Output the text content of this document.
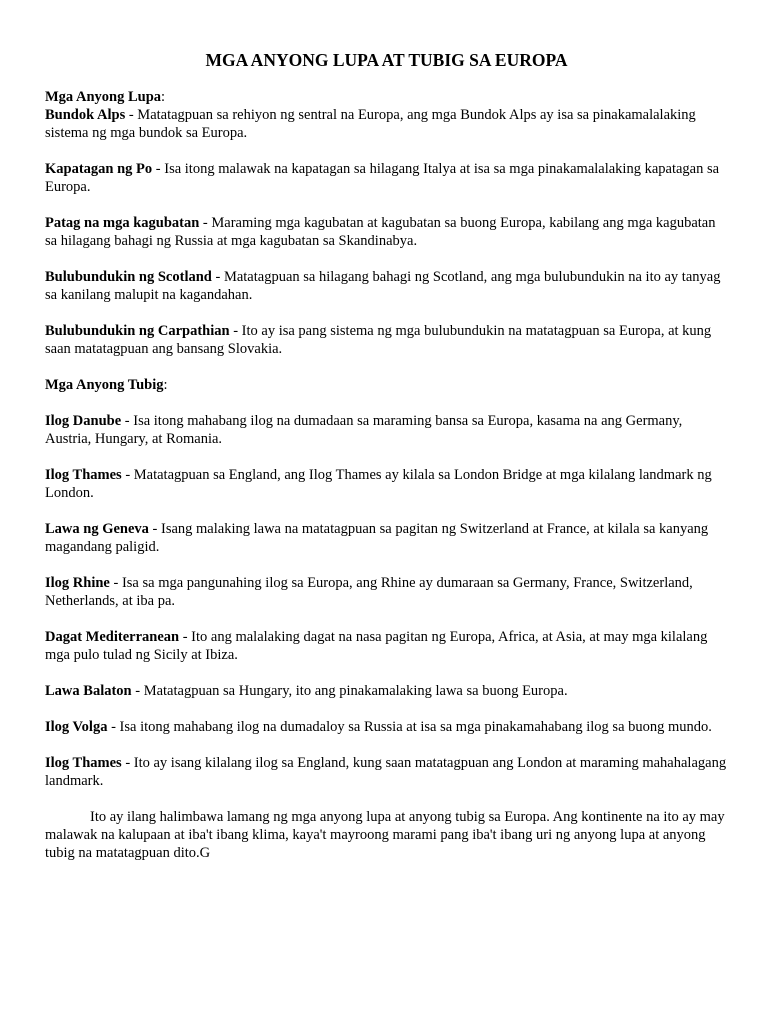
MGA ANYONG LUPA AT TUBIG SA EUROPA
Mga Anyong Lupa:
Bundok Alps - Matatagpuan sa rehiyon ng sentral na Europa, ang mga Bundok Alps ay isa sa pinakamalalaking sistema ng mga bundok sa Europa.
Kapatagan ng Po - Isa itong malawak na kapatagan sa hilagang Italya at isa sa mga pinakamalalaking kapatagan sa Europa.
Patag na mga kagubatan - Maraming mga kagubatan at kagubatan sa buong Europa, kabilang ang mga kagubatan sa hilagang bahagi ng Russia at mga kagubatan sa Skandinabya.
Bulubundukin ng Scotland - Matatagpuan sa hilagang bahagi ng Scotland, ang mga bulubundukin na ito ay tanyag sa kanilang malupit na kagandahan.
Bulubundukin ng Carpathian - Ito ay isa pang sistema ng mga bulubundukin na matatagpuan sa Europa, at kung saan matatagpuan ang bansang Slovakia.
Mga Anyong Tubig:
Ilog Danube - Isa itong mahabang ilog na dumadaan sa maraming bansa sa Europa, kasama na ang Germany, Austria, Hungary, at Romania.
Ilog Thames - Matatagpuan sa England, ang Ilog Thames ay kilala sa London Bridge at mga kilalang landmark ng London.
Lawa ng Geneva - Isang malaking lawa na matatagpuan sa pagitan ng Switzerland at France, at kilala sa kanyang magandang paligid.
Ilog Rhine - Isa sa mga pangunahing ilog sa Europa, ang Rhine ay dumaraan sa Germany, France, Switzerland, Netherlands, at iba pa.
Dagat Mediterranean - Ito ang malalaking dagat na nasa pagitan ng Europa, Africa, at Asia, at may mga kilalang mga pulo tulad ng Sicily at Ibiza.
Lawa Balaton - Matatagpuan sa Hungary, ito ang pinakamalaking lawa sa buong Europa.
Ilog Volga - Isa itong mahabang ilog na dumadaloy sa Russia at isa sa mga pinakamahabang ilog sa buong mundo.
Ilog Thames - Ito ay isang kilalang ilog sa England, kung saan matatagpuan ang London at maraming mahahalagang landmark.

Ito ay ilang halimbawa lamang ng mga anyong lupa at anyong tubig sa Europa. Ang kontinente na ito ay may malawak na kalupaan at iba't ibang klima, kaya't mayroong marami pang iba't ibang uri ng anyong lupa at anyong tubig na matatagpuan dito.G
